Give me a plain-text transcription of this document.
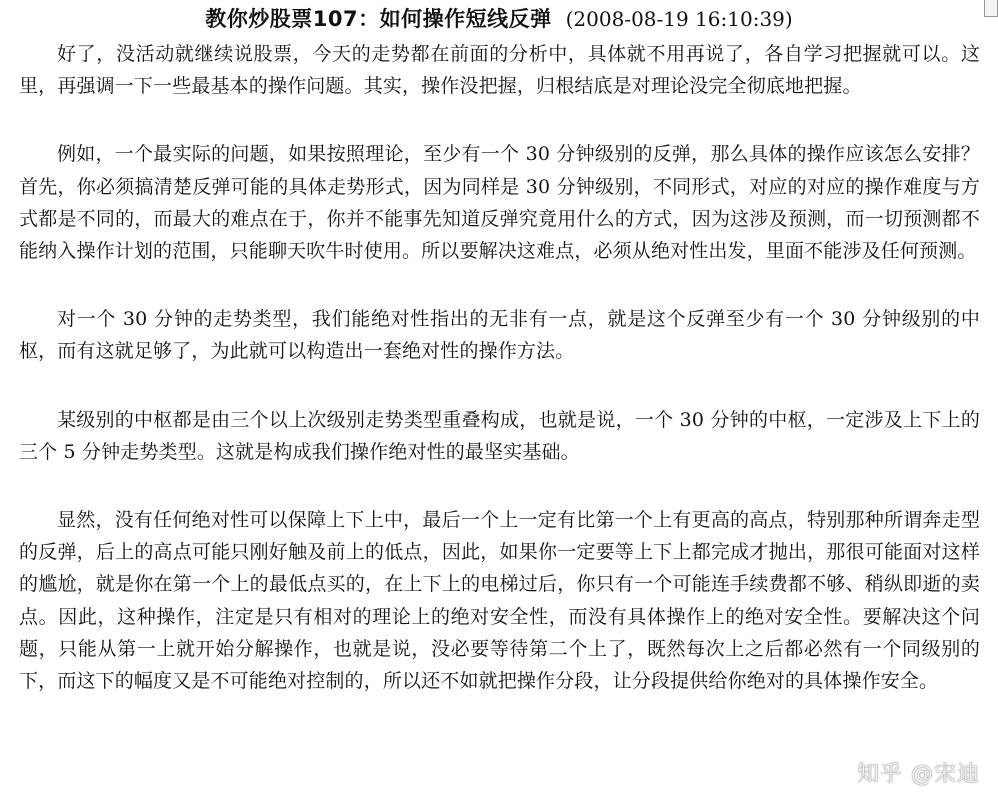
教你炒股票107：如何操作短线反弹 (2008-08-19 16:10:39)

好了，没活动就继续说股票，今天的走势都在前面的分析中，具体就不用再说了，各自学习把握就可以。这里，再强调一下一些最基本的操作问题。其实，操作没把握，归根结底是对理论没完全彻底地把握。

例如，一个最实际的问题，如果按照理论，至少有一个 30 分钟级别的反弹，那么具体的操作应该怎么安排？首先，你必须搞清楚反弹可能的具体走势形式，因为同样是 30 分钟级别，不同形式，对应的对应的操作难度与方式都是不同的，而最大的难点在于，你并不能事先知道反弹究竟用什么的方式，因为这涉及预测，而一切预测都不能纳入操作计划的范围，只能聊天吹牛时使用。所以要解决这难点，必须从绝对性出发，里面不能涉及任何预测。

对一个 30 分钟的走势类型，我们能绝对性指出的无非有一点，就是这个反弹至少有一个 30 分钟级别的中枢，而有这就足够了，为此就可以构造出一套绝对性的操作方法。

某级别的中枢都是由三个以上次级别走势类型重叠构成，也就是说，一个 30 分钟的中枢，一定涉及上下上的三个 5 分钟走势类型。这就是构成我们操作绝对性的最坚实基础。

显然，没有任何绝对性可以保障上下上中，最后一个上一定有比第一个上有更高的高点，特别那种所谓奔走型的反弹，后上的高点可能只刚好触及前上的低点，因此，如果你一定要等上下上都完成才抛出，那很可能面对这样的尴尬，就是你在第一个上的最低点买的，在上下上的电梯过后，你只有一个可能连手续费都不够、稍纵即逝的卖点。因此，这种操作，注定是只有相对的理论上的绝对安全性，而没有具体操作上的绝对安全性。要解决这个问题，只能从第一上就开始分解操作，也就是说，没必要等待第二个上了，既然每次上之后都必然有一个同级别的下，而这下的幅度又是不可能绝对控制的，所以还不如就把操作分段，让分段提供给你绝对的具体操作安全。

知乎 @宋迪
